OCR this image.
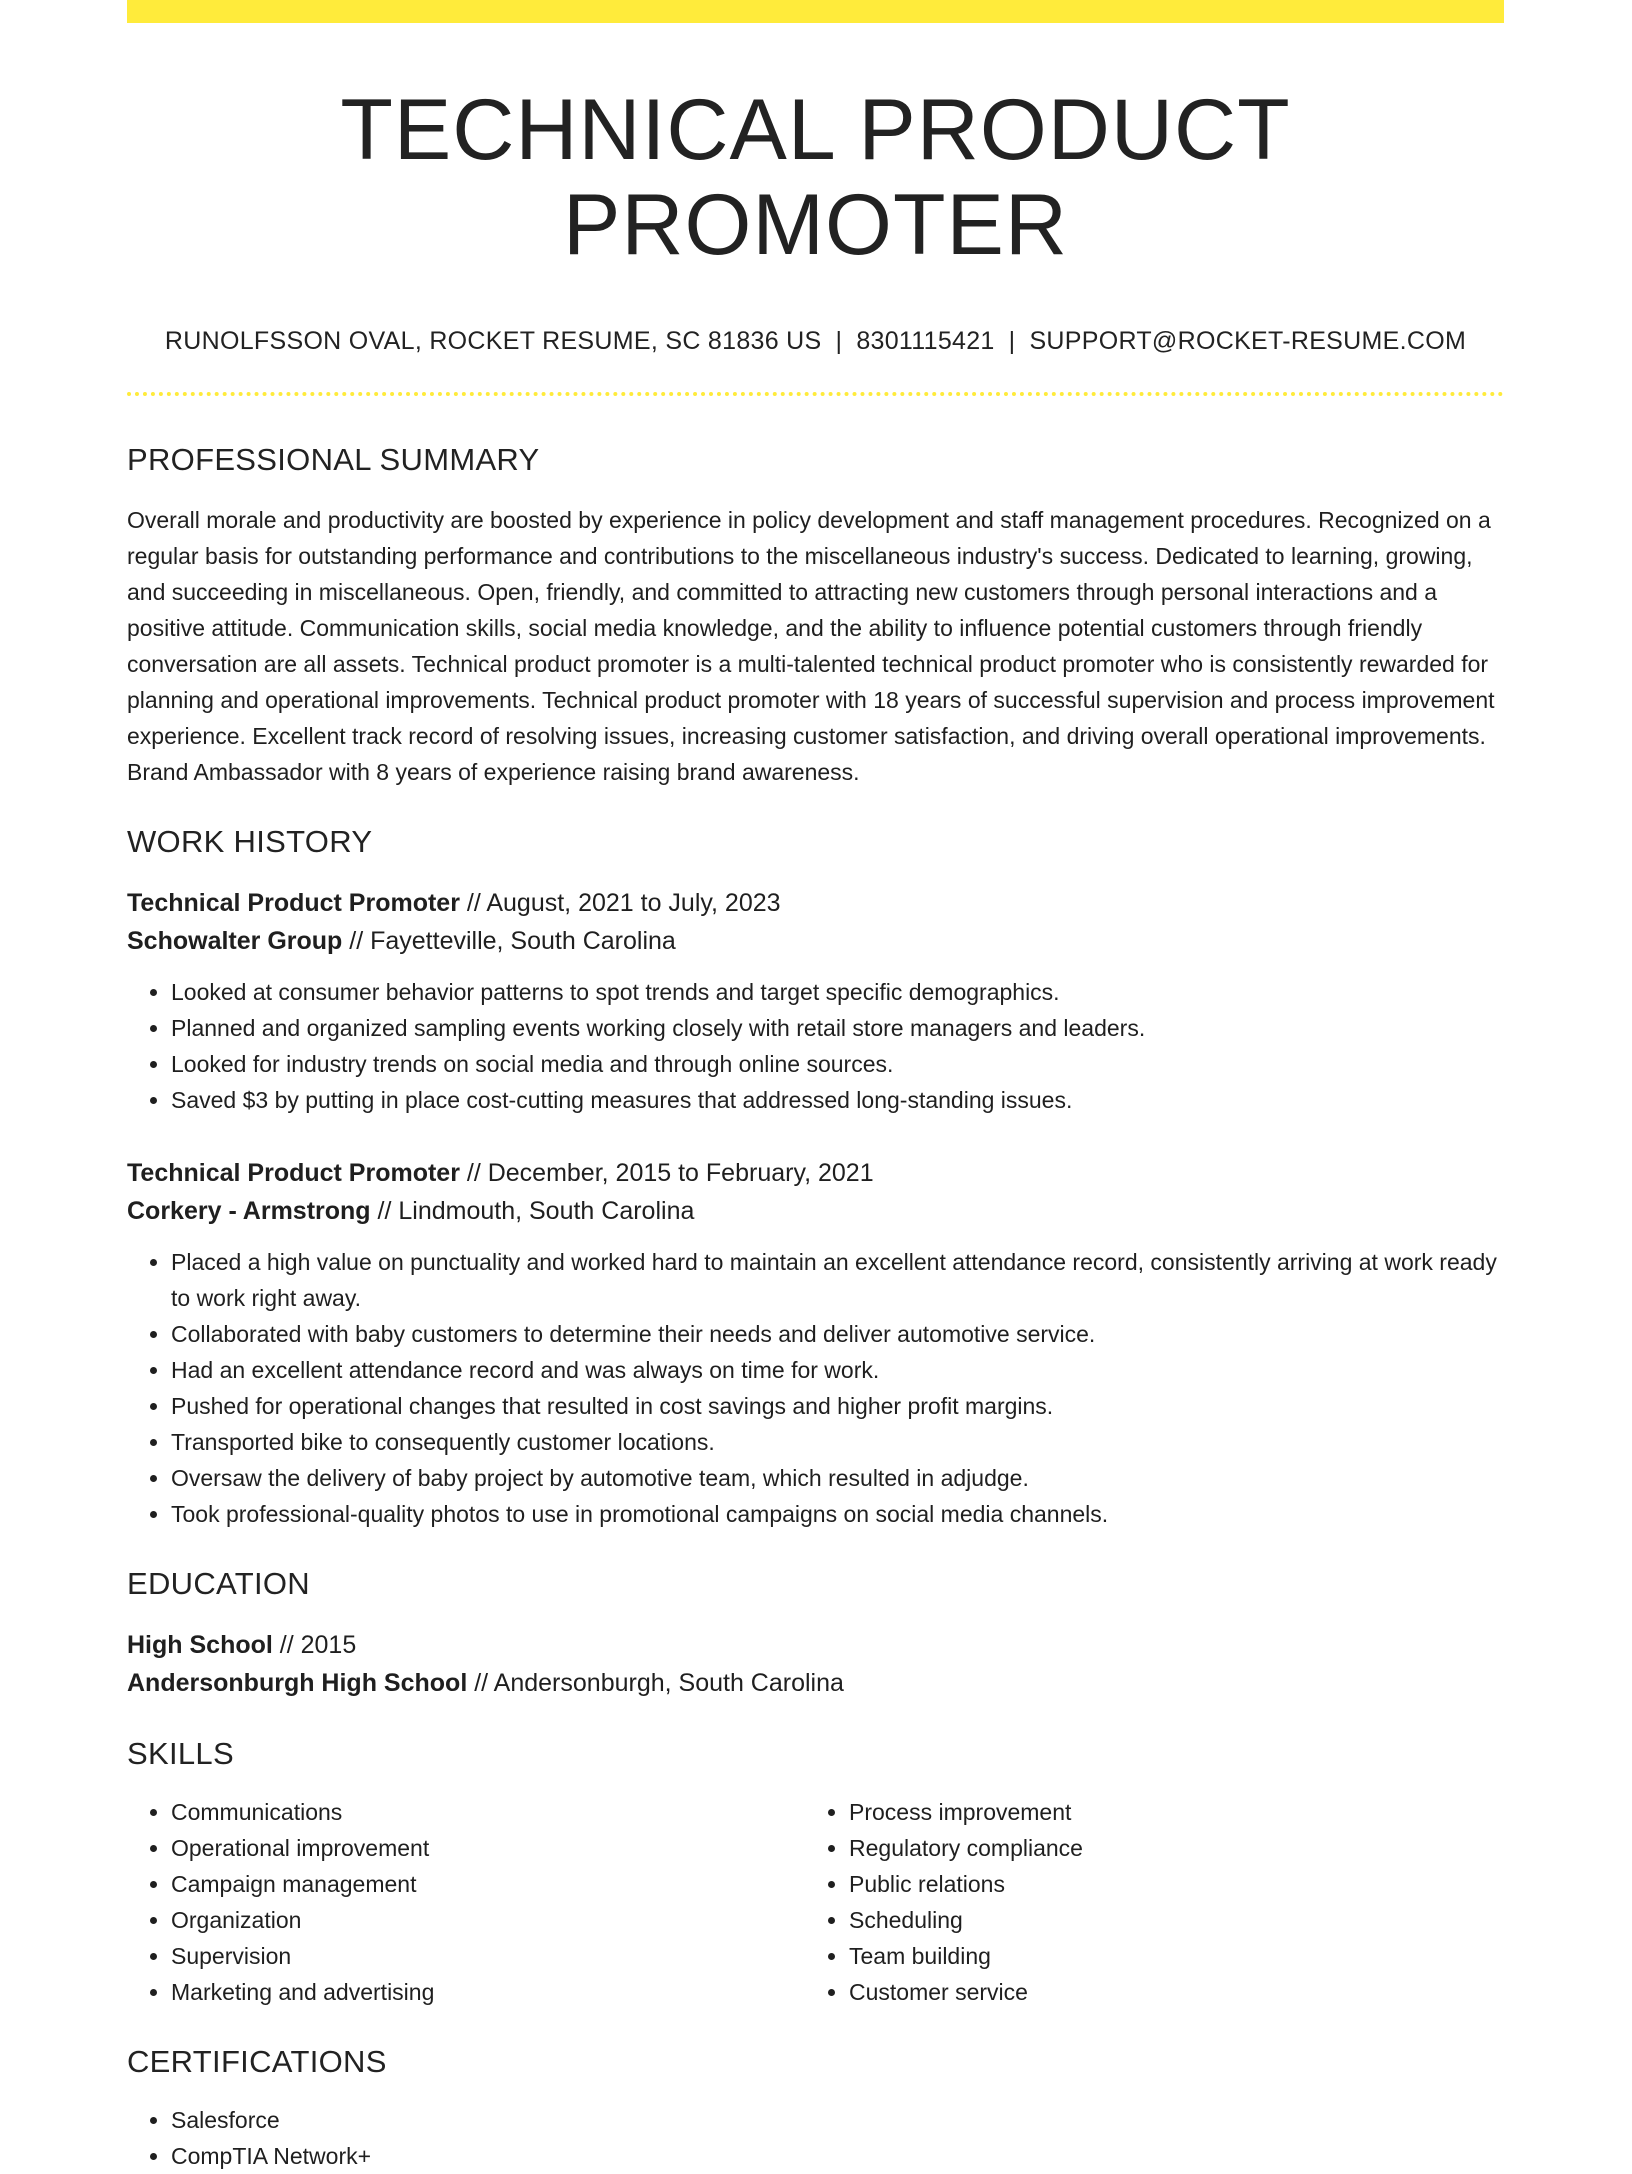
TECHNICAL PRODUCT PROMOTER
RUNOLFSSON OVAL, ROCKET RESUME, SC 81836 US | 8301115421 | SUPPORT@ROCKET-RESUME.COM
PROFESSIONAL SUMMARY

Overall morale and productivity are boosted by experience in policy development and staff management procedures. Recognized on a regular basis for outstanding performance and contributions to the miscellaneous industry's success. Dedicated to learning, growing, and succeeding in miscellaneous. Open, friendly, and committed to attracting new customers through personal interactions and a positive attitude. Communication skills, social media knowledge, and the ability to influence potential customers through friendly conversation are all assets. Technical product promoter is a multi-talented technical product promoter who is consistently rewarded for planning and operational improvements. Technical product promoter with 18 years of successful supervision and process improvement experience. Excellent track record of resolving issues, increasing customer satisfaction, and driving overall operational improvements. Brand Ambassador with 8 years of experience raising brand awareness.

WORK HISTORY
Technical Product Promoter // August, 2021 to July, 2023
Schowalter Group // Fayetteville, South Carolina
• Looked at consumer behavior patterns to spot trends and target specific demographics.
• Planned and organized sampling events working closely with retail store managers and leaders.
• Looked for industry trends on social media and through online sources.
• Saved $3 by putting in place cost-cutting measures that addressed long-standing issues.
Technical Product Promoter // December, 2015 to February, 2021
Corkery - Armstrong // Lindmouth, South Carolina
• Placed a high value on punctuality and worked hard to maintain an excellent attendance record, consistently arriving at work ready to work right away.
• Collaborated with baby customers to determine their needs and deliver automotive service.
• Had an excellent attendance record and was always on time for work.
• Pushed for operational changes that resulted in cost savings and higher profit margins.
• Transported bike to consequently customer locations.
• Oversaw the delivery of baby project by automotive team, which resulted in adjudge.
• Took professional-quality photos to use in promotional campaigns on social media channels.
EDUCATION
High School // 2015
Andersonburgh High School // Andersonburgh, South Carolina
SKILLS
• Communications
• Operational improvement
• Campaign management
• Organization
• Supervision
• Marketing and advertising
• Process improvement
• Regulatory compliance
• Public relations
• Scheduling
• Team building
• Customer service
CERTIFICATIONS
• Salesforce
• CompTIA Network+
